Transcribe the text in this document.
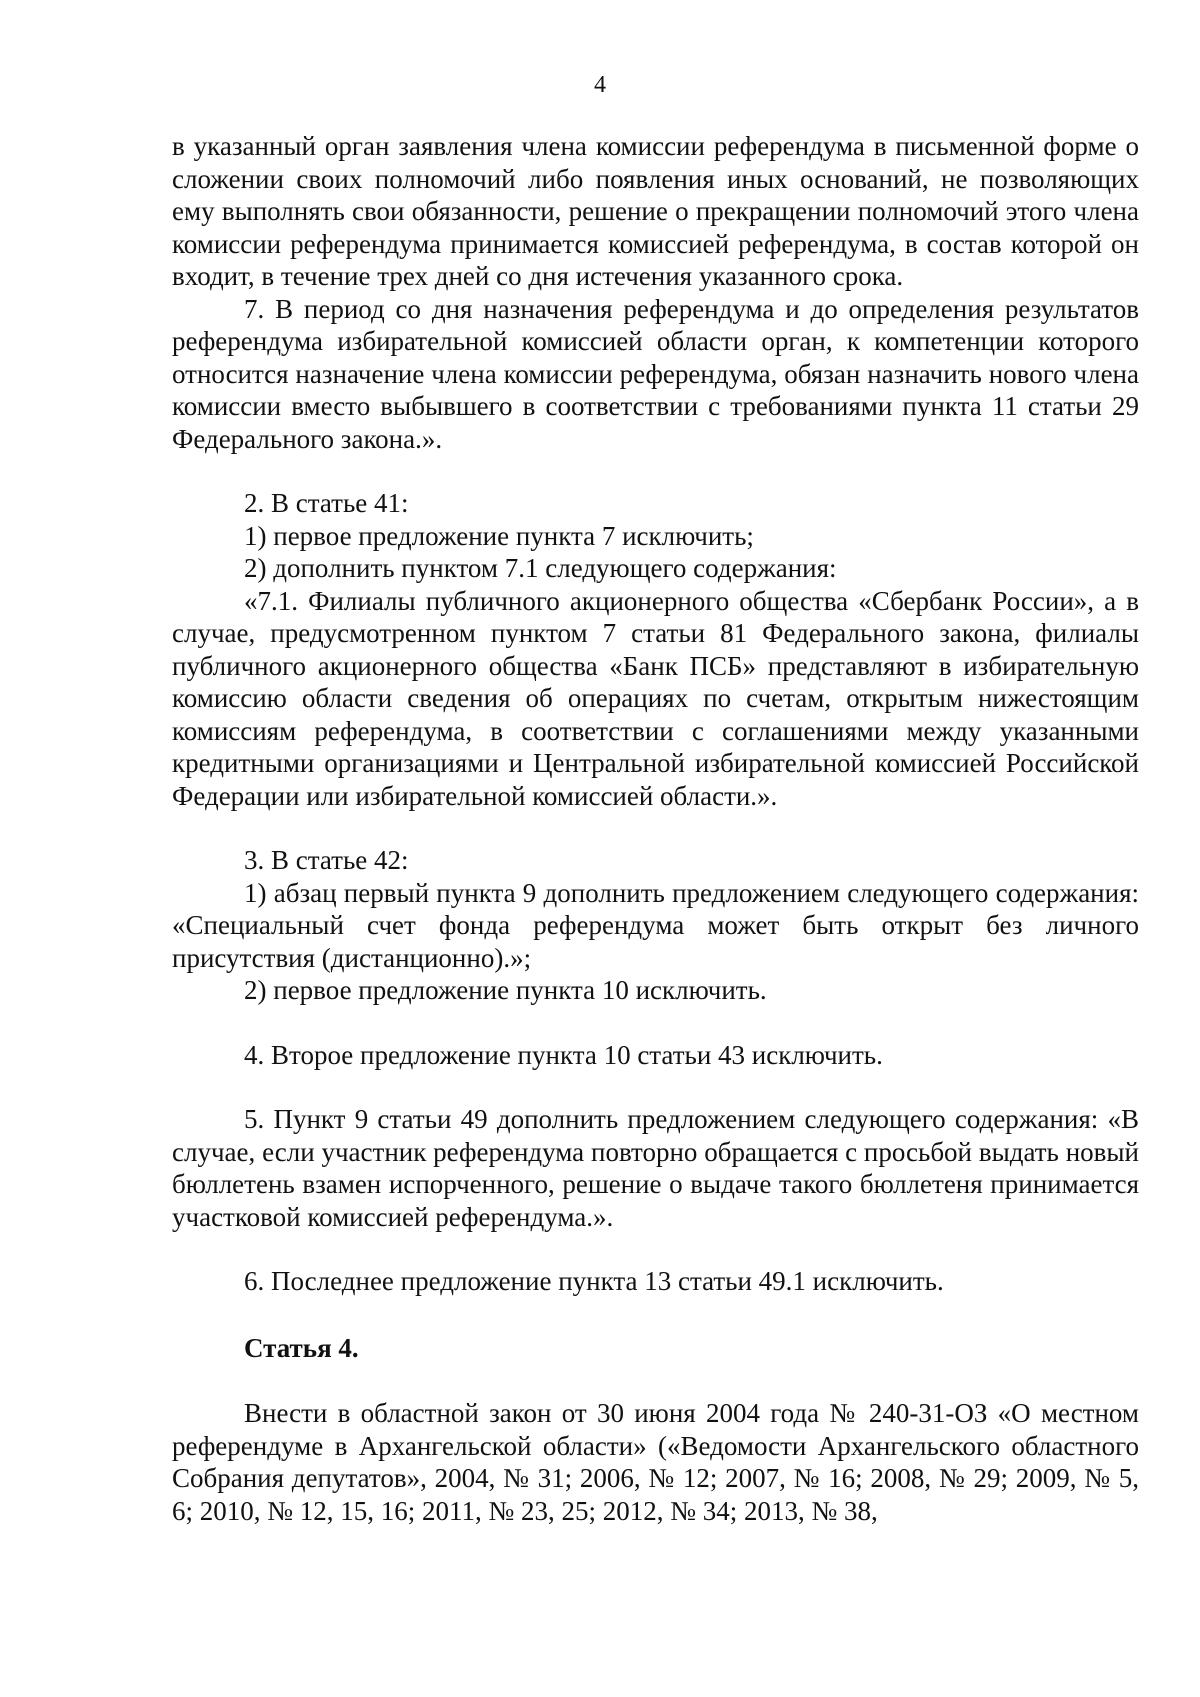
4

в указанный орган заявления члена комиссии референдума в письменной форме о сложении своих полномочий либо появления иных оснований, не позволяющих ему выполнять свои обязанности, решение о прекращении полномочий этого члена комиссии референдума принимается комиссией референдума, в состав которой он входит, в течение трех дней со дня истечения указанного срока.

7. В период со дня назначения референдума и до определения результатов референдума избирательной комиссией области орган, к компетенции которого относится назначение члена комиссии референдума, обязан назначить нового члена комиссии вместо выбывшего в соответствии с требованиями пункта 11 статьи 29 Федерального закона.».

2. В статье 41:

1) первое предложение пункта 7 исключить;

2) дополнить пунктом 7.1 следующего содержания:

«7.1. Филиалы публичного акционерного общества «Сбербанк России», а в случае, предусмотренном пунктом 7 статьи 81 Федерального закона, филиалы публичного акционерного общества «Банк ПСБ» представляют в избирательную комиссию области сведения об операциях по счетам, открытым нижестоящим комиссиям референдума, в соответствии с соглашениями между указанными кредитными организациями и Центральной избирательной комиссией Российской Федерации или избирательной комиссией области.».

3. В статье 42:

1) абзац первый пункта 9 дополнить предложением следующего содержания: «Специальный счет фонда референдума может быть открыт без личного присутствия (дистанционно).»;

2) первое предложение пункта 10 исключить.

4. Второе предложение пункта 10 статьи 43 исключить.

5. Пункт 9 статьи 49 дополнить предложением следующего содержания: «В случае, если участник референдума повторно обращается с просьбой выдать новый бюллетень взамен испорченного, решение о выдаче такого бюллетеня принимается участковой комиссией референдума.».

6. Последнее предложение пункта 13 статьи 49.1 исключить.

Статья 4.

Внести в областной закон от 30 июня 2004 года № 240-31-ОЗ «О местном референдуме в Архангельской области» («Ведомости Архангельского областного Собрания депутатов», 2004, № 31; 2006, № 12; 2007, № 16; 2008, № 29; 2009, № 5, 6; 2010, № 12, 15, 16; 2011, № 23, 25; 2012, № 34; 2013, № 38,
